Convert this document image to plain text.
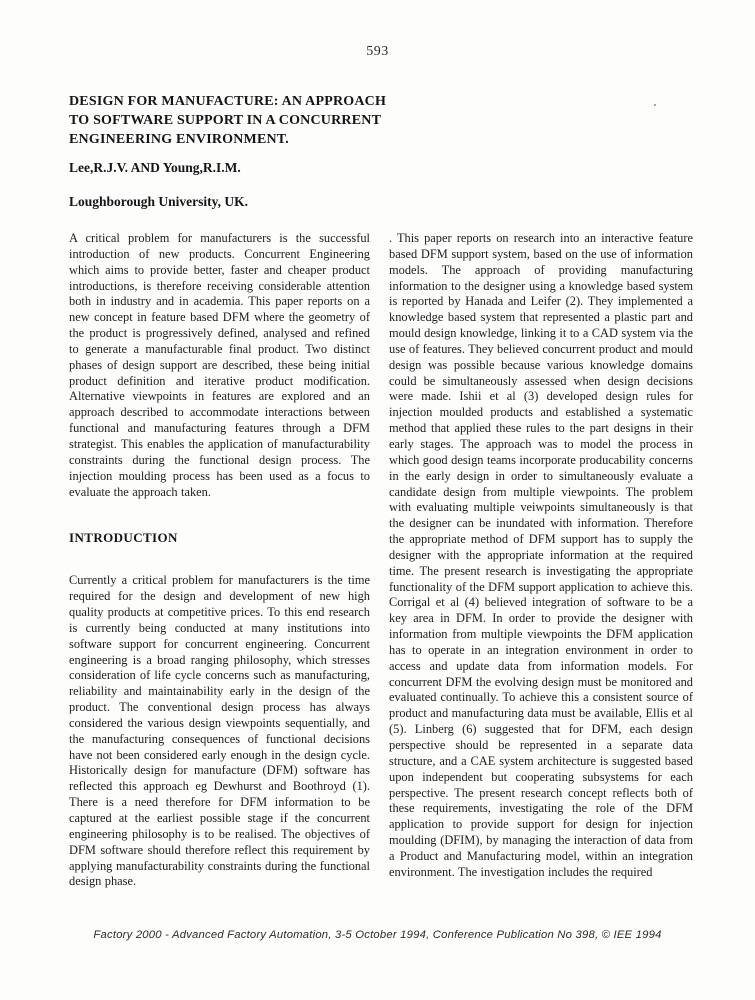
593
DESIGN FOR MANUFACTURE: AN APPROACH
TO SOFTWARE SUPPORT IN A CONCURRENT
ENGINEERING ENVIRONMENT.
Lee,R.J.V. AND Young,R.I.M.
Loughborough University, UK.

A critical problem for manufacturers is the successful introduction of new products. Concurrent Engineering which aims to provide better, faster and cheaper product introductions, is therefore receiving considerable attention both in industry and in academia. This paper reports on a new concept in feature based DFM where the geometry of the product is progressively defined, analysed and refined to generate a manufacturable final product. Two distinct phases of design support are described, these being initial product definition and iterative product modification. Alternative viewpoints in features are explored and an approach described to accommodate interactions between functional and manufacturing features through a DFM strategist. This enables the application of manufacturability constraints during the functional design process. The injection moulding process has been used as a focus to evaluate the approach taken.

INTRODUCTION

Currently a critical problem for manufacturers is the time required for the design and development of new high quality products at competitive prices. To this end research is currently being conducted at many institutions into software support for concurrent engineering. Concurrent engineering is a broad ranging philosophy, which stresses consideration of life cycle concerns such as manufacturing, reliability and maintainability early in the design of the product. The conventional design process has always considered the various design viewpoints sequentially, and the manufacturing consequences of functional decisions have not been considered early enough in the design cycle. Historically design for manufacture (DFM) software has reflected this approach eg Dewhurst and Boothroyd (1). There is a need therefore for DFM information to be captured at the earliest possible stage if the concurrent engineering philosophy is to be realised. The objectives of DFM software should therefore reflect this requirement by applying manufacturability constraints during the functional design phase.

. This paper reports on research into an interactive feature based DFM support system, based on the use of information models. The approach of providing manufacturing information to the designer using a knowledge based system is reported by Hanada and Leifer (2). They implemented a knowledge based system that represented a plastic part and mould design knowledge, linking it to a CAD system via the use of features. They believed concurrent product and mould design was possible because various knowledge domains could be simultaneously assessed when design decisions were made. Ishii et al (3) developed design rules for injection moulded products and established a systematic method that applied these rules to the part designs in their early stages. The approach was to model the process in which good design teams incorporate producability concerns in the early design in order to simultaneously evaluate a candidate design from multiple viewpoints. The problem with evaluating multiple veiwpoints simultaneously is that the designer can be inundated with information. Therefore the appropriate method of DFM support has to supply the designer with the appropriate information at the required time. The present research is investigating the appropriate functionality of the DFM support application to achieve this. Corrigal et al (4) believed integration of software to be a key area in DFM. In order to provide the designer with information from multiple viewpoints the DFM application has to operate in an integration environment in order to access and update data from information models. For concurrent DFM the evolving design must be monitored and evaluated continually. To achieve this a consistent source of product and manufacturing data must be available, Ellis et al (5). Linberg (6) suggested that for DFM, each design perspective should be represented in a separate data structure, and a CAE system architecture is suggested based upon independent but cooperating subsystems for each perspective. The present research concept reflects both of these requirements, investigating the role of the DFM application to provide support for design for injection moulding (DFIM), by managing the interaction of data from a Product and Manufacturing model, within an integration environment. The investigation includes the required

Factory 2000 - Advanced Factory Automation, 3-5 October 1994, Conference Publication No 398, © IEE 1994
